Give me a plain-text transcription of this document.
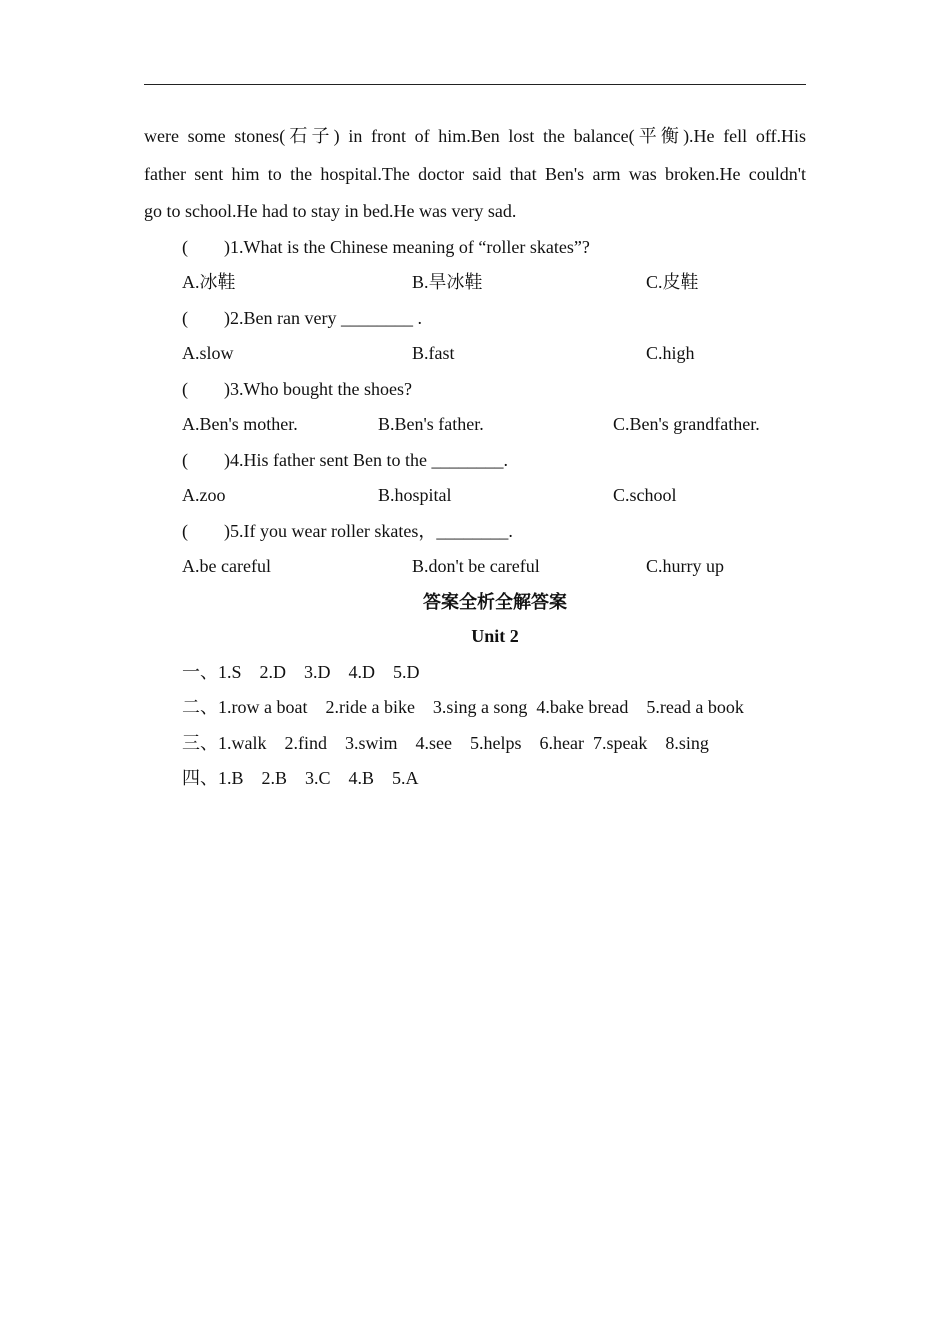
were some stones(石子) in front of him.Ben lost the balance(平衡).He fell off.His
father sent him to the hospital.The doctor said that Ben's arm was broken.He couldn't
go to school.He had to stay in bed.He was very sad.
(        )1.What is the Chinese meaning of “roller skates”?
A.冰鞋	B.旱冰鞋	C.皮鞋
(        )2.Ben ran very ________ .
A.slow	B.fast	C.high
(        )3.Who bought the shoes?
A.Ben's mother.	B.Ben's father.	C.Ben's grandfather.
(        )4.His father sent Ben to the ________.
A.zoo	B.hospital	C.school
(        )5.If you wear roller skates，________.
A.be careful	B.don't be careful	C.hurry up
答案全析全解答案
Unit 2
一、1.S    2.D    3.D    4.D    5.D
二、1.row a boat    2.ride a bike    3.sing a song  4.bake bread    5.read a book
三、1.walk    2.find    3.swim    4.see    5.helps    6.hear  7.speak    8.sing
四、1.B    2.B    3.C    4.B    5.A
